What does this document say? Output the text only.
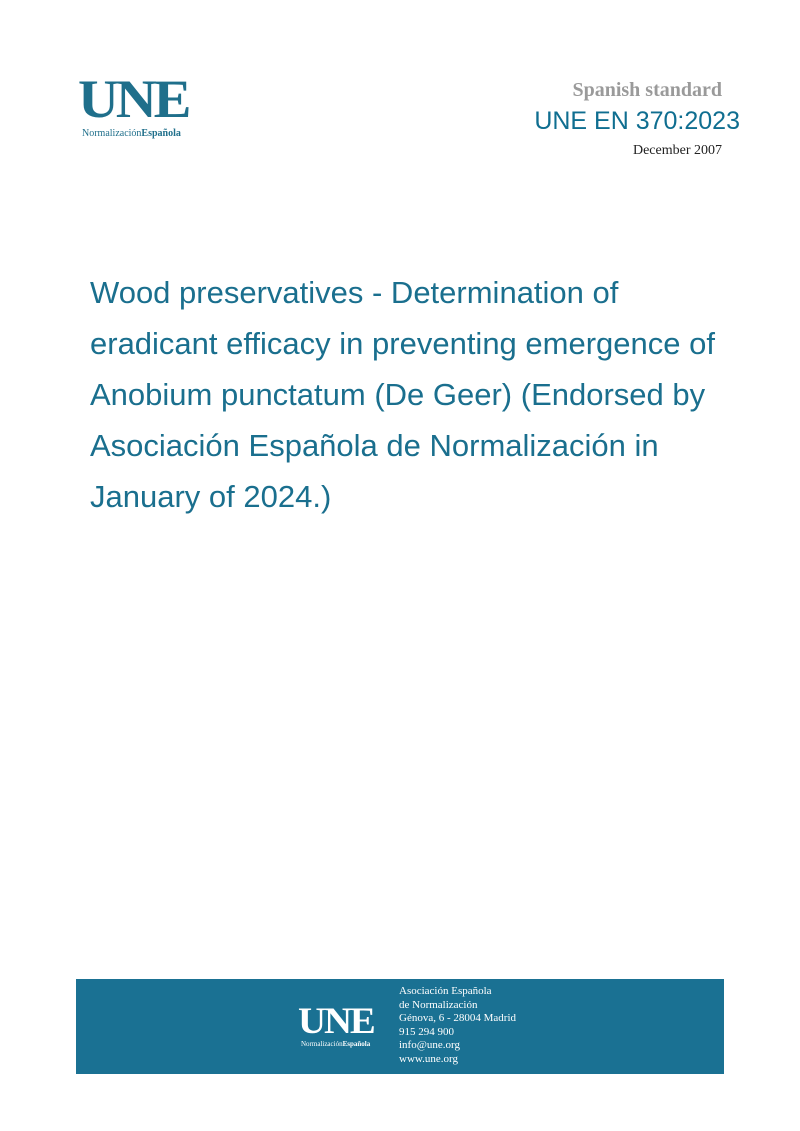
UNE
NormalizaciónEspañola
Spanish standard
UNE EN 370:2023
December 2007
Wood preservatives - Determination of eradicant efficacy in preventing emergence of Anobium punctatum (De Geer) (Endorsed by Asociación Española de Normalización in January of 2024.)
UNE
NormalizaciónEspañola
Asociación Española
de Normalización
Génova, 6 - 28004 Madrid
915 294 900
info@une.org
www.une.org
